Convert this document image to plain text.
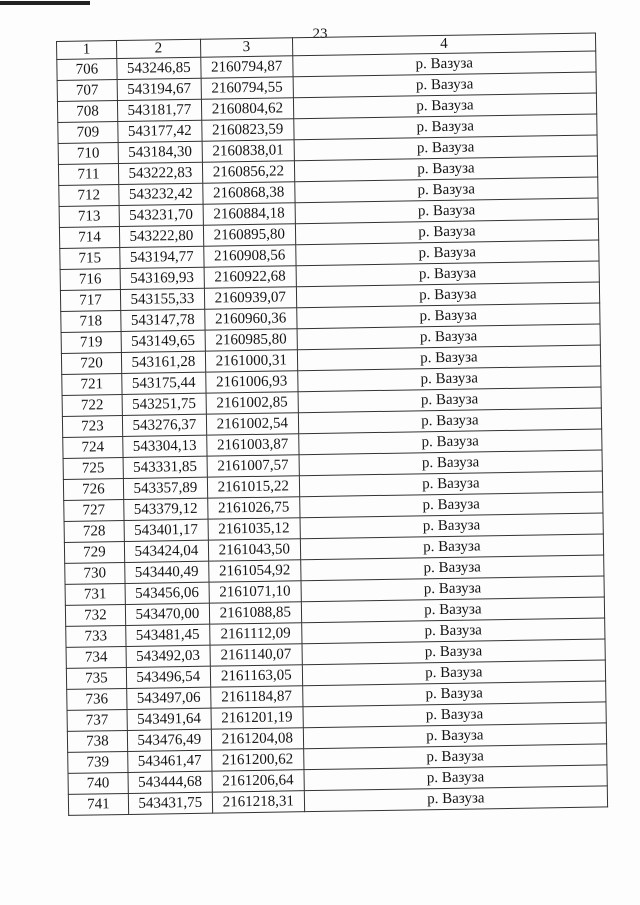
23
1	2	3	4
706	543246,85	2160794,87	р. Вазуза
707	543194,67	2160794,55	р. Вазуза
708	543181,77	2160804,62	р. Вазуза
709	543177,42	2160823,59	р. Вазуза
710	543184,30	2160838,01	р. Вазуза
711	543222,83	2160856,22	р. Вазуза
712	543232,42	2160868,38	р. Вазуза
713	543231,70	2160884,18	р. Вазуза
714	543222,80	2160895,80	р. Вазуза
715	543194,77	2160908,56	р. Вазуза
716	543169,93	2160922,68	р. Вазуза
717	543155,33	2160939,07	р. Вазуза
718	543147,78	2160960,36	р. Вазуза
719	543149,65	2160985,80	р. Вазуза
720	543161,28	2161000,31	р. Вазуза
721	543175,44	2161006,93	р. Вазуза
722	543251,75	2161002,85	р. Вазуза
723	543276,37	2161002,54	р. Вазуза
724	543304,13	2161003,87	р. Вазуза
725	543331,85	2161007,57	р. Вазуза
726	543357,89	2161015,22	р. Вазуза
727	543379,12	2161026,75	р. Вазуза
728	543401,17	2161035,12	р. Вазуза
729	543424,04	2161043,50	р. Вазуза
730	543440,49	2161054,92	р. Вазуза
731	543456,06	2161071,10	р. Вазуза
732	543470,00	2161088,85	р. Вазуза
733	543481,45	2161112,09	р. Вазуза
734	543492,03	2161140,07	р. Вазуза
735	543496,54	2161163,05	р. Вазуза
736	543497,06	2161184,87	р. Вазуза
737	543491,64	2161201,19	р. Вазуза
738	543476,49	2161204,08	р. Вазуза
739	543461,47	2161200,62	р. Вазуза
740	543444,68	2161206,64	р. Вазуза
741	543431,75	2161218,31	р. Вазуза
